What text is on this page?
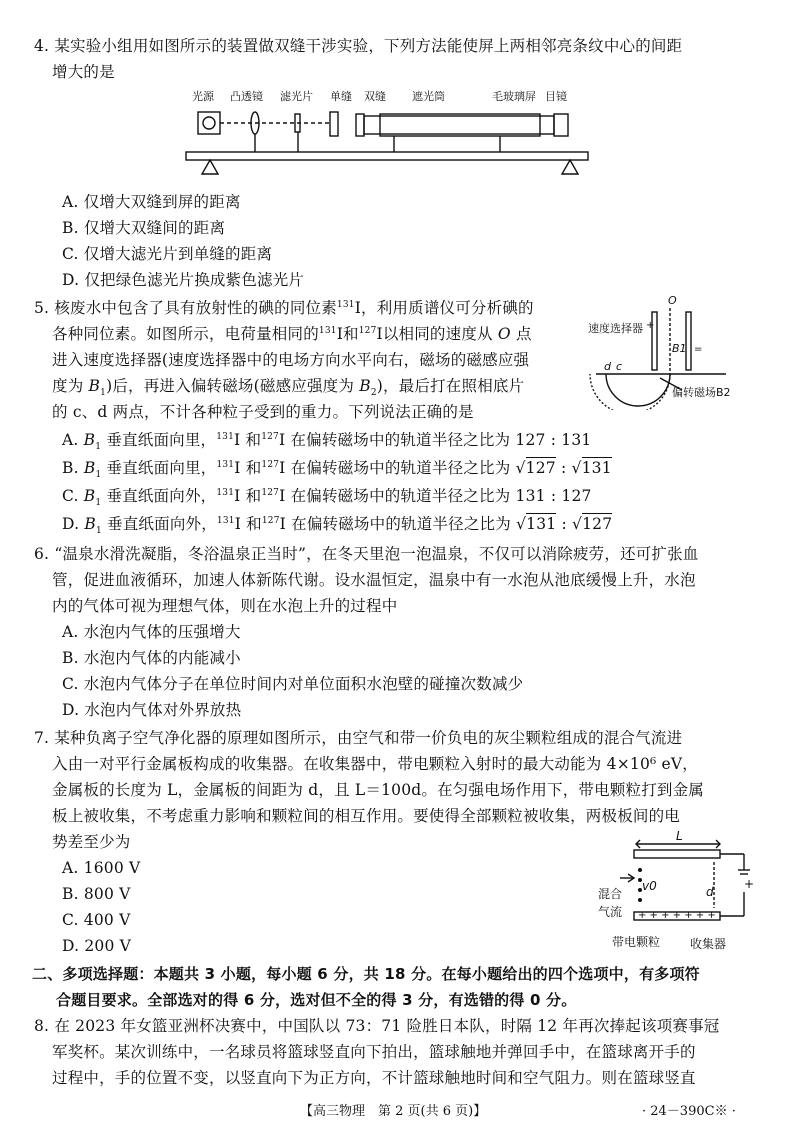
4. 某实验小组用如图所示的装置做双缝干涉实验，下列方法能使屏上两相邻亮条纹中心的间距
增大的是
光源 凸透镜 滤光片 单缝 双缝 遮光筒	毛玻璃屏 目镜
A. 仅增大双缝到屏的距离
B. 仅增大双缝间的距离
C. 仅增大滤光片到单缝的距离
D. 仅把绿色滤光片换成紫色滤光片
5. 核废水中包含了具有放射性的碘的同位素$^{131}$I，利用质谱仪可分析碘的
各种同位素。如图所示，电荷量相同的$^{131}$I和$^{127}$I以相同的速度从 O 点
进入速度选择器(速度选择器中的电场方向水平向右，磁场的磁感应强
度为 $B_1$)后，再进入偏转磁场(磁感应强度为 $B_2$)，最后打在照相底片
的 c、d 两点，不计各种粒子受到的重力。下列说法正确的是
O
速度选择器
B1
d c
偏转磁场B2
+
=
A. $B_1$ 垂直纸面向里，$^{131}$I 和$^{127}$I 在偏转磁场中的轨道半径之比为 127 : 131
B. $B_1$ 垂直纸面向里，$^{131}$I 和$^{127}$I 在偏转磁场中的轨道半径之比为 √127 : √131
C. $B_1$ 垂直纸面向外，$^{131}$I 和$^{127}$I 在偏转磁场中的轨道半径之比为 131 : 127
D. $B_1$ 垂直纸面向外，$^{131}$I 和$^{127}$I 在偏转磁场中的轨道半径之比为 √131 : √127
6. “温泉水滑洗凝脂，冬浴温泉正当时”，在冬天里泡一泡温泉，不仅可以消除疲劳，还可扩张血
管，促进血液循环，加速人体新陈代谢。设水温恒定，温泉中有一水泡从池底缓慢上升，水泡
内的气体可视为理想气体，则在水泡上升的过程中
A. 水泡内气体的压强增大
B. 水泡内气体的内能减小
C. 水泡内气体分子在单位时间内对单位面积水泡壁的碰撞次数减少
D. 水泡内气体对外界放热
7. 某种负离子空气净化器的原理如图所示，由空气和带一价负电的灰尘颗粒组成的混合气流进
入由一对平行金属板构成的收集器。在收集器中，带电颗粒入射时的最大动能为 4×10⁶ eV，
金属板的长度为 L，金属板的间距为 d，且 L＝100d。在匀强电场作用下，带电颗粒打到金属
板上被收集，不考虑重力影响和颗粒间的相互作用。要使得全部颗粒被收集，两极板间的电
势差至少为
A. 1600 V
B. 800 V
C. 400 V
D. 200 V
L
d
v0
混合
气流
带电颗粒 收集器
+
+ + + + + + +
二、多项选择题：本题共 3 小题，每小题 6 分，共 18 分。在每小题给出的四个选项中，有多项符
合题目要求。全部选对的得 6 分，选对但不全的得 3 分，有选错的得 0 分。
8. 在 2023 年女篮亚洲杯决赛中，中国队以 73：71 险胜日本队，时隔 12 年再次捧起该项赛事冠
军奖杯。某次训练中，一名球员将篮球竖直向下拍出，篮球触地并弹回手中，在篮球离开手的
过程中，手的位置不变，以竖直向下为正方向，不计篮球触地时间和空气阻力。则在篮球竖直
【高三物理　第 2 页(共 6 页)】	· 24－390C※ ·
